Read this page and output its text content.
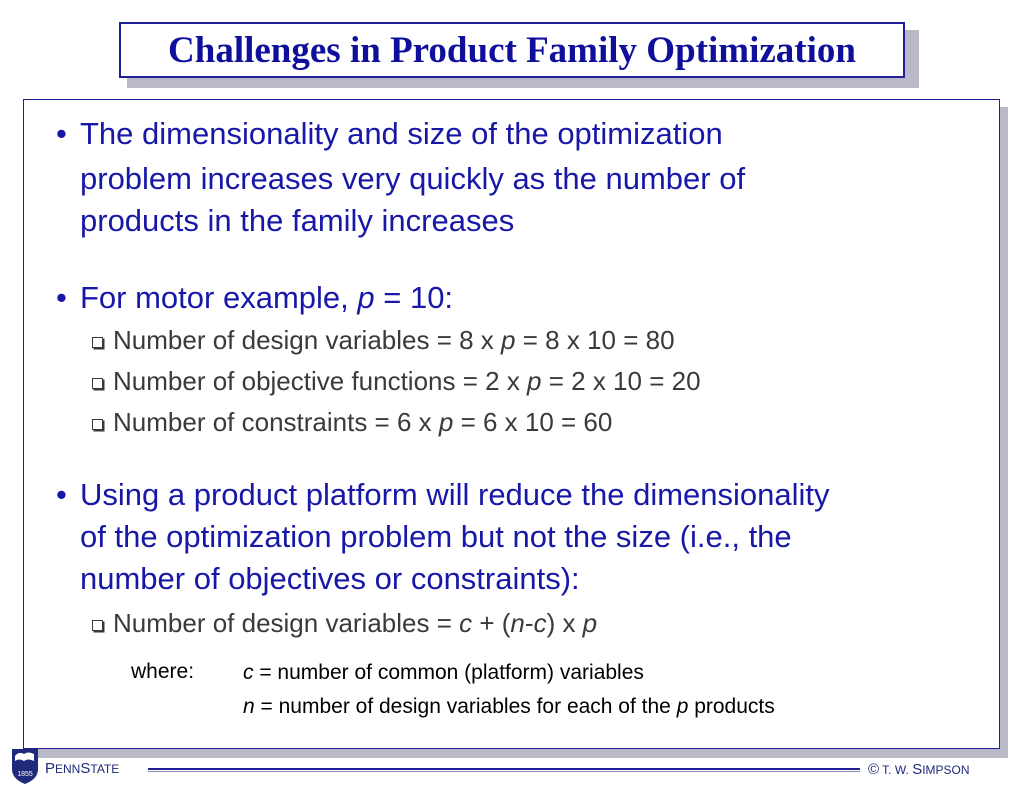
Challenges in Product Family Optimization
• The dimensionality and size of the optimization
problem increases very quickly as the number of
products in the family increases
• For motor example, p = 10:
Number of design variables = 8 x p = 8 x 10 = 80
Number of objective functions = 2 x p = 2 x 10 = 20
Number of constraints = 6 x p = 6 x 10 = 60
• Using a product platform will reduce the dimensionality
of the optimization problem but not the size (i.e., the
number of objectives or constraints):
Number of design variables = c + (n-c) x p
where: c = number of common (platform) variables
n = number of design variables for each of the p products
1855 PENNSTATE	© T. W. SIMPSON
